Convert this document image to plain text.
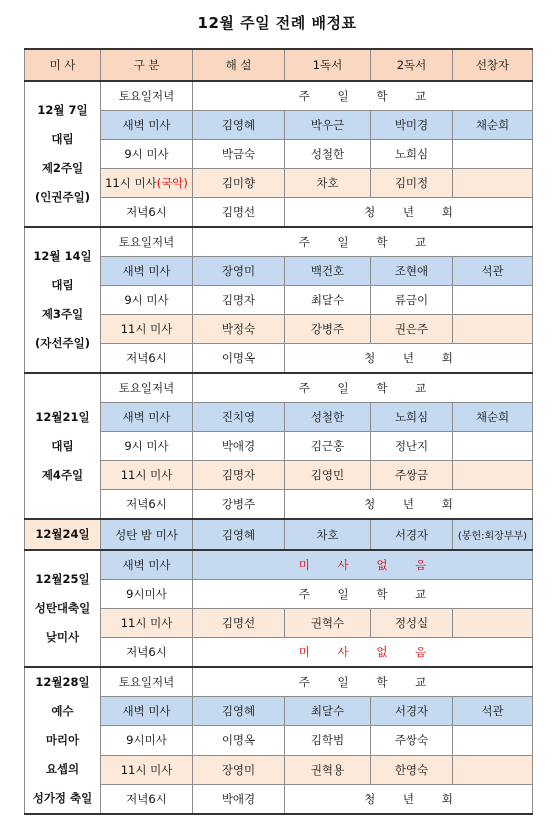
12월 주일 전례 배정표
미 사	구 분	해 설	1독서	2독서	선창자

12월 7일
대림
제2주일
(인권주일)	토요일저녁	주 일 학 교			
	새벽 미사	김영혜	박우근	박미경	채순희
	9시 미사	박금숙	성철한	노희심	
	11시 미사(국악)	김미향	차호	김미정	
	저녁6시	김명선	청 년 회		

12월 14일
대림
제3주일
(자선주일)	토요일저녁	주 일 학 교			
	새벽 미사	장영미	백건호	조현애	석관
	9시 미사	김명자	최달수	류금이	
	11시 미사	박정숙	강병주	권은주	
	저녁6시	이명옥	청 년 회		

12월21일
대림
제4주일	토요일저녁	주 일 학 교			
	새벽 미사	진치영	성철한	노희심	채순희
	9시 미사	박애경	김근홍	정난지	
	11시 미사	김명자	김영민	주쌍금	
	저녁6시	강병주	청 년 회		

12월24일	성탄 밤 미사	김영혜	차호	서경자	(봉헌:회장부부)

12월25일
성탄대축일
낮미사	새벽 미사	미 사 없 음			
	9시미사	주 일 학 교			
	11시 미사	김명선	권혁수	정성실	
	저녁6시	미 사 없 음			

12월28일
예수
마리아
요셉의
성가정 축일	토요일저녁	주 일 학 교			
	새벽 미사	김영혜	최달수	서경자	석관
	9시미사	이명옥	김학범	주쌍숙	
	11시 미사	장영미	권혁용	한영숙	
	저녁6시	박애경	청 년 회		
